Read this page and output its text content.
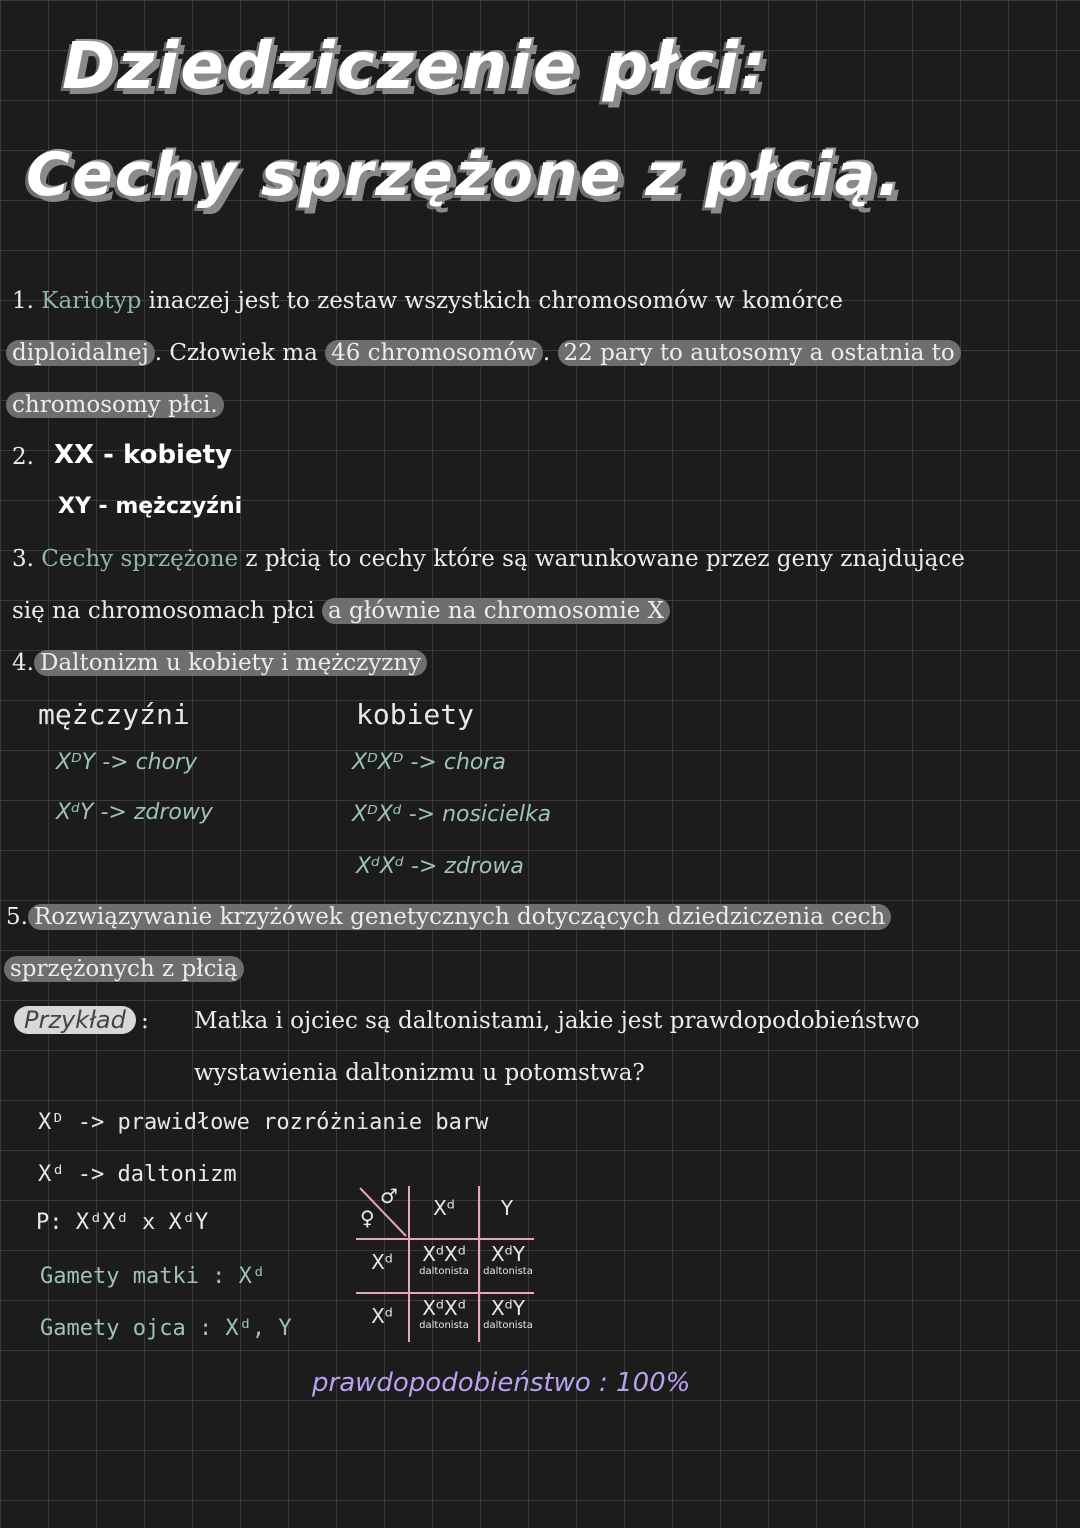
Dziedziczenie płci:
Cechy sprzężone z płcią.
1. Kariotyp inaczej jest to zestaw wszystkich chromosomów w komórce
diploidalnej . Człowiek ma 46 chromosomów . 22 pary to autosomy a ostatnia to
chromosomy płci.
2. XX - kobiety
XY - mężczyźni
3. Cechy sprzężone z płcią to cechy które są warunkowane przez geny znajdujące
się na chromosomach płci a głównie na chromosomie X
4. Daltonizm u kobiety i mężczyzny
mężczyźni
XᴰY -> chory
XᵈY -> zdrowy
kobiety
XᴰXᴰ -> chora
XᴰXᵈ -> nosicielka
XᵈXᵈ -> zdrowa
5. Rozwiązywanie krzyżówek genetycznych dotyczących dziedziczenia cech
sprzężonych z płcią
Przykład : Matka i ojciec są daltonistami, jakie jest prawdopodobieństwo
wystawienia daltonizmu u potomstwa?
Xᴰ -> prawidłowe rozróżnianie barw
Xᵈ -> daltonizm
P: XᵈXᵈ x XᵈY
Gamety matki : Xᵈ
Gamety ojca : Xᵈ, Y
♀
♂	Xᵈ	Y
Xᵈ
Xᵈ
XᵈXᵈ
daltonista
XᵈY
daltonista
XᵈXᵈ
daltonista
XᵈY
daltonista
prawdopodobieństwo : 100%
